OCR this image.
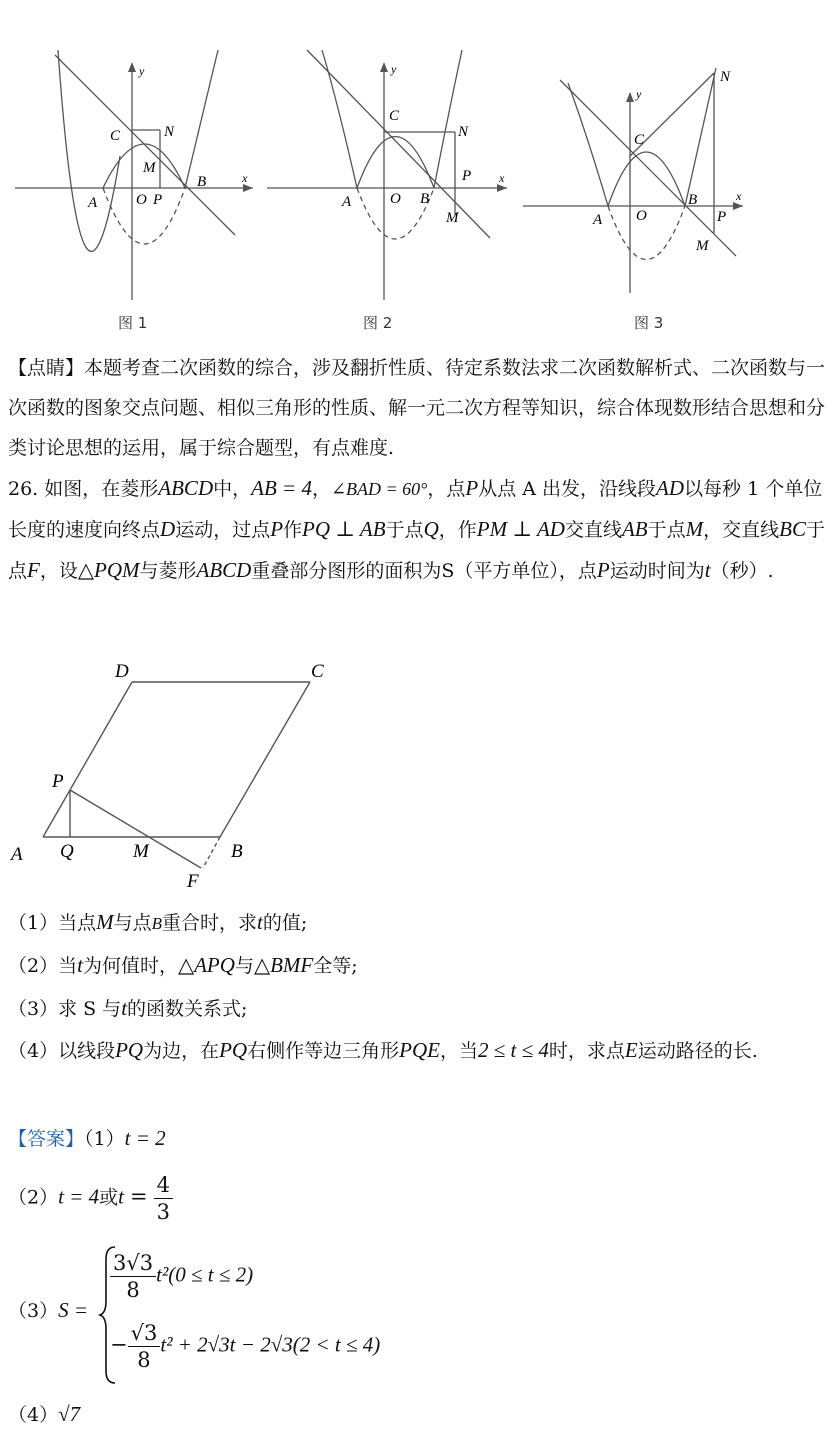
y
x
C	N
M
A	O P
B
图 1
y
x
C
N
P
A	O B
M
图 2
y
x
N
C
A O
B
P
M
图 3
【点睛】本题考查二次函数的综合，涉及翻折性质、待定系数法求二次函数解析式、二次函数与一次函数的图象交点问题、相似三角形的性质、解一元二次方程等知识，综合体现数形结合思想和分类讨论思想的运用，属于综合题型，有点难度.
26. 如图，在菱形ABCD中，AB = 4，∠BAD = 60°，点P从点 A 出发，沿线段AD以每秒 1 个单位长度的速度向终点D运动，过点P作PQ ⊥ AB于点Q，作PM ⊥ AD交直线AB于点M，交直线BC于点F，设△PQM与菱形ABCD重叠部分图形的面积为S（平方单位），点P运动时间为t（秒）.
D	C
P
A Q	M	B
F
（1）当点M与点B重合时，求t的值;
（2）当t为何值时，△APQ与△BMF全等;
（3）求 S 与t的函数关系式;
（4）以线段PQ为边，在PQ右侧作等边三角形PQE，当2 ≤ t ≤ 4时，求点E运动路径的长.
【答案】（1）t = 2
（2）t = 4或$t = \frac{4}{3}$
（3）S =
$\frac{3√3}{8} t^2(0 \le t \le 2)$
− $\frac{√3}{8} t^2 + 2√3t - 2√3(2 < t \le 4)$
（4）√7
